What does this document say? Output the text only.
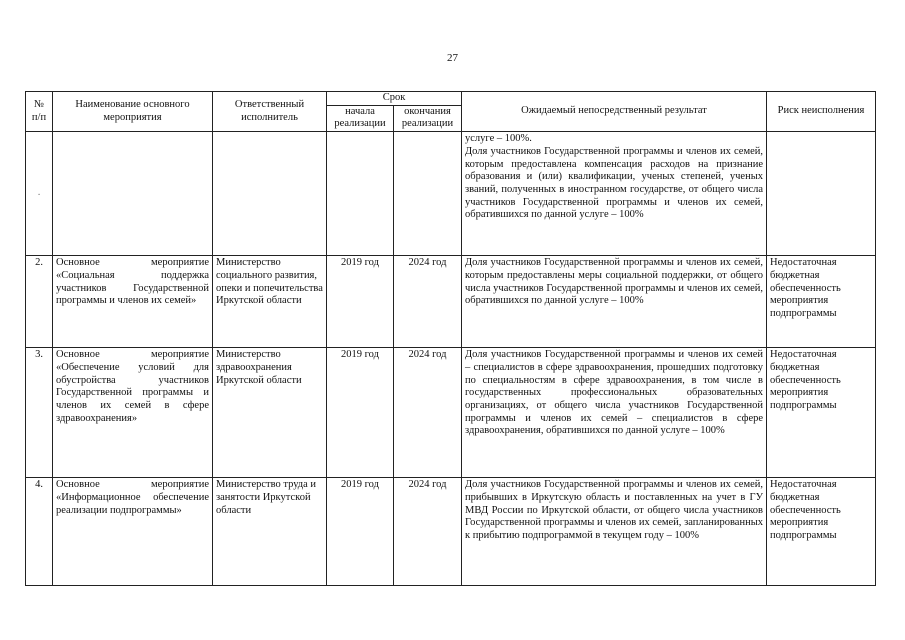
27
№ п/п	Наименование основного мероприятия	Ответственный исполнитель	Срок		Ожидаемый непосредственный результат	Риск неисполнения
			начала реализации	окончания реализации		
.					услуге – 100%.
Доля участников Государственной программы и членов их семей, которым предоставлена компенсация расходов на признание образования и (или) квалификации, ученых степеней, ученых званий, полученных в иностранном государстве, от общего числа участников Государственной программы и членов их семей, обратившихся по данной услуге – 100%	
2.	Основное мероприятие «Социальная поддержка участников Государственной программы и членов их семей»	Министерство социального развития, опеки и попечительства Иркутской области	2019 год	2024 год	Доля участников Государственной программы и членов их семей, которым предоставлены меры социальной поддержки, от общего числа участников Государственной программы и членов их семей, обратившихся по данной услуге – 100%	Недостаточная бюджетная обеспеченность мероприятия подпрограммы
3.	Основное мероприятие «Обеспечение условий для обустройства участников Государственной программы и членов их семей в сфере здравоохранения»	Министерство здравоохранения Иркутской области	2019 год	2024 год	Доля участников Государственной программы и членов их семей – специалистов в сфере здравоохранения, прошедших подготовку по специальностям в сфере здравоохранения, в том числе в государственных профессиональных образовательных организациях, от общего числа участников Государственной программы и членов их семей – специалистов в сфере здравоохранения, обратившихся по данной услуге – 100%	Недостаточная бюджетная обеспеченность мероприятия подпрограммы
4.	Основное мероприятие «Информационное обеспечение реализации подпрограммы»	Министерство труда и занятости Иркутской области	2019 год	2024 год	Доля участников Государственной программы и членов их семей, прибывших в Иркутскую область и поставленных на учет в ГУ МВД России по Иркутской области, от общего числа участников Государственной программы и членов их семей, запланированных к прибытию подпрограммой в текущем году – 100%	Недостаточная бюджетная обеспеченность мероприятия подпрограммы
